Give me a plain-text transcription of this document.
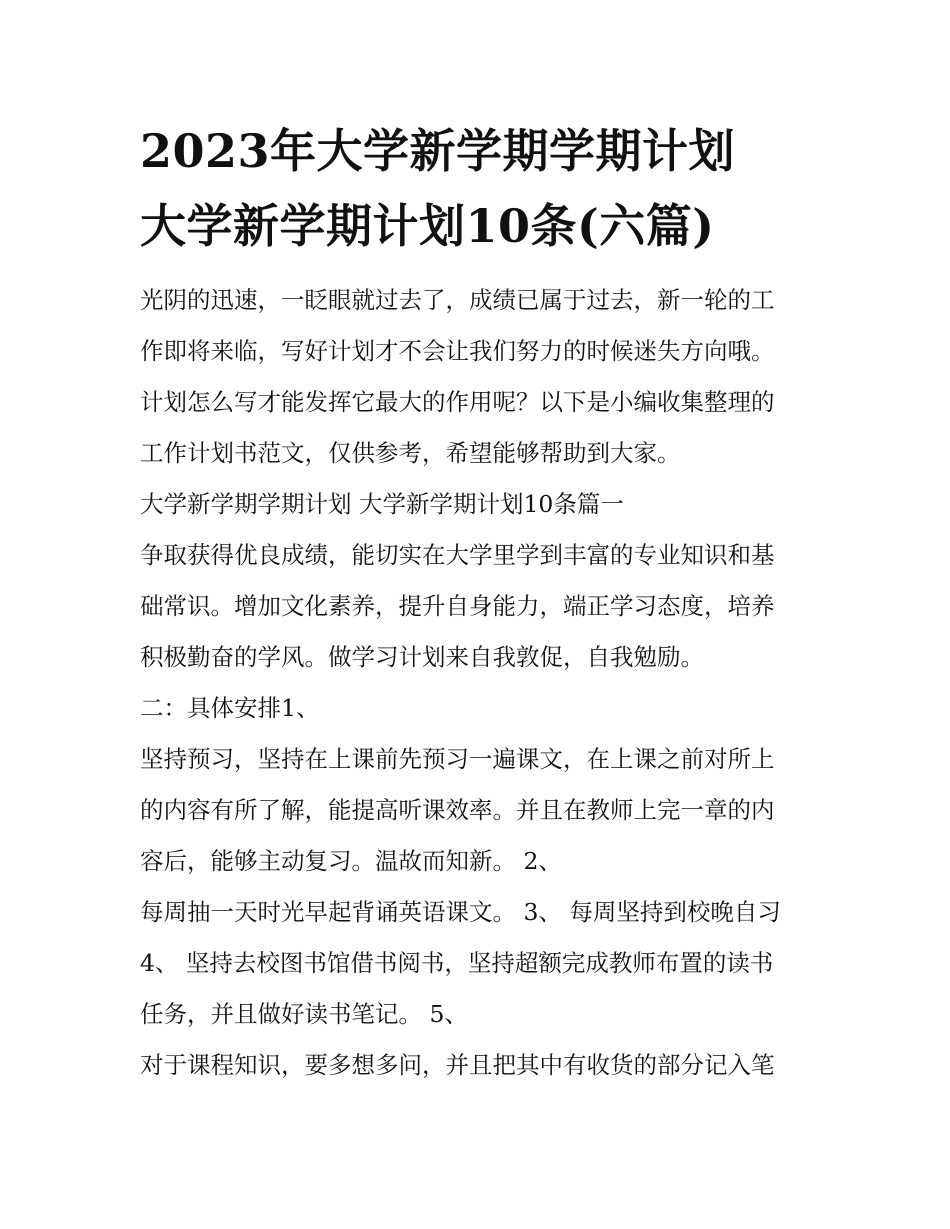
2023年大学新学期学期计划
大学新学期计划10条(六篇)

光阴的迅速，一眨眼就过去了，成绩已属于过去，新一轮的工
作即将来临，写好计划才不会让我们努力的时候迷失方向哦。
计划怎么写才能发挥它最大的作用呢？以下是小编收集整理的
工作计划书范文，仅供参考，希望能够帮助到大家。

大学新学期学期计划 大学新学期计划10条篇一

争取获得优良成绩，能切实在大学里学到丰富的专业知识和基
础常识。增加文化素养，提升自身能力，端正学习态度，培养
积极勤奋的学风。做学习计划来自我敦促，自我勉励。

二：具体安排1、

坚持预习，坚持在上课前先预习一遍课文，在上课之前对所上
的内容有所了解，能提高听课效率。并且在教师上完一章的内
容后，能够主动复习。温故而知新。 2、

每周抽一天时光早起背诵英语课文。 3、 每周坚持到校晚自习
4、 坚持去校图书馆借书阅书，坚持超额完成教师布置的读书
任务，并且做好读书笔记。 5、

对于课程知识，要多想多问，并且把其中有收货的部分记入笔
